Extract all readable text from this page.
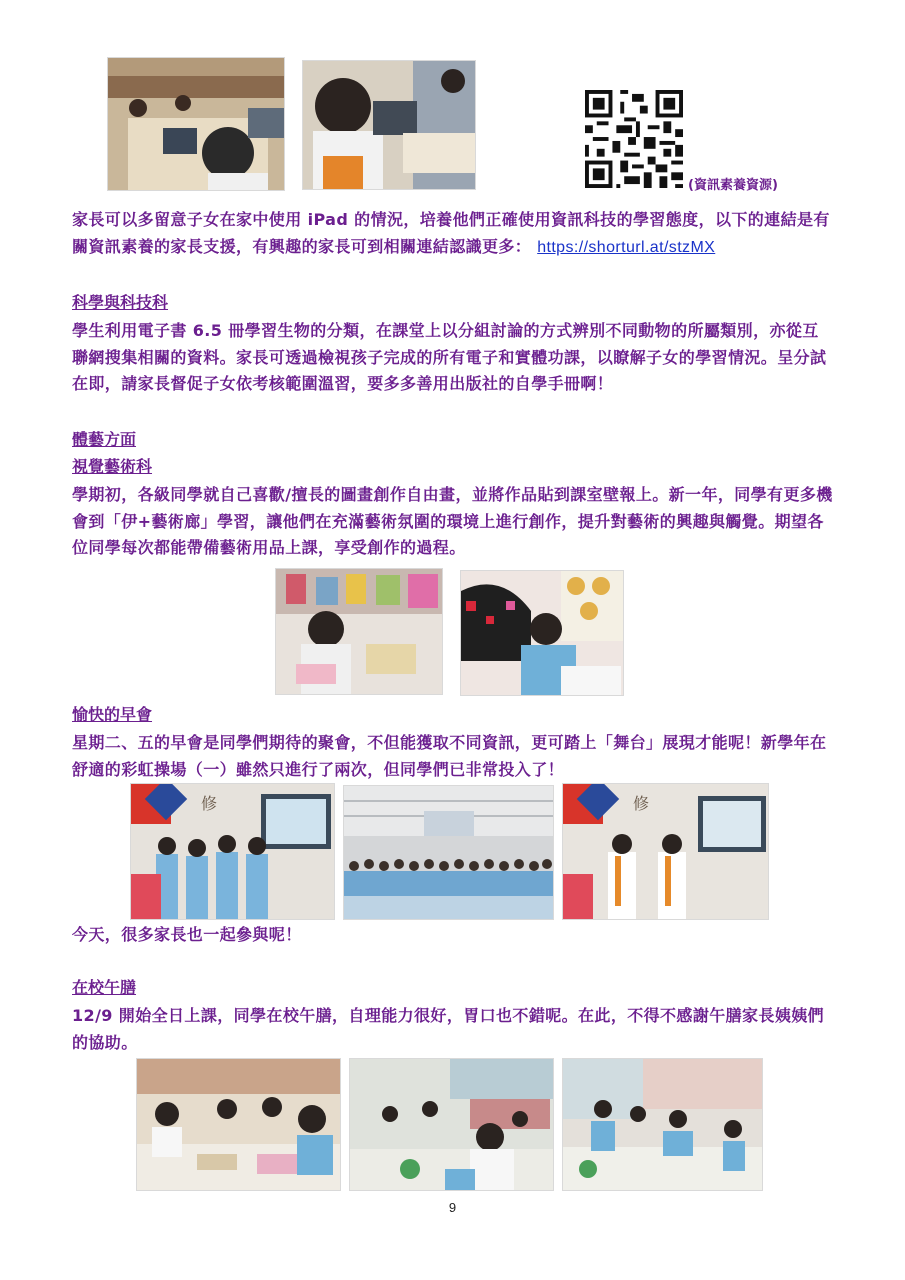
(資訊素養資源)
家長可以多留意子女在家中使用 iPad 的情況，培養他們正確使用資訊科技的學習態度，以下的連結是有關資訊素養的家長支援，有興趣的家長可到相關連結認識更多： https://shorturl.at/stzMX
科學與科技科
學生利用電子書 6.5 冊學習生物的分類，在課堂上以分組討論的方式辨別不同動物的所屬類別，亦從互聯網搜集相關的資料。家長可透過檢視孩子完成的所有電子和實體功課，以瞭解子女的學習情況。呈分試在即，請家長督促子女依考核範圍溫習，要多多善用出版社的自學手冊啊！
體藝方面
視覺藝術科
學期初，各級同學就自己喜歡/擅長的圖畫創作自由畫，並將作品貼到課室壁報上。新一年，同學有更多機會到「伊+藝術廊」學習，讓他們在充滿藝術氛圍的環境上進行創作，提升對藝術的興趣與觸覺。期望各位同學每次都能帶備藝術用品上課，享受創作的過程。
愉快的早會
星期二、五的早會是同學們期待的聚會，不但能獲取不同資訊，更可踏上「舞台」展現才能呢！新學年在舒適的彩虹操場（一）雖然只進行了兩次，但同學們已非常投入了！
修	修
今天，很多家長也一起參與呢！
在校午膳
12/9 開始全日上課，同學在校午膳，自理能力很好，胃口也不錯呢。在此，不得不感謝午膳家長姨姨們的協助。
9
